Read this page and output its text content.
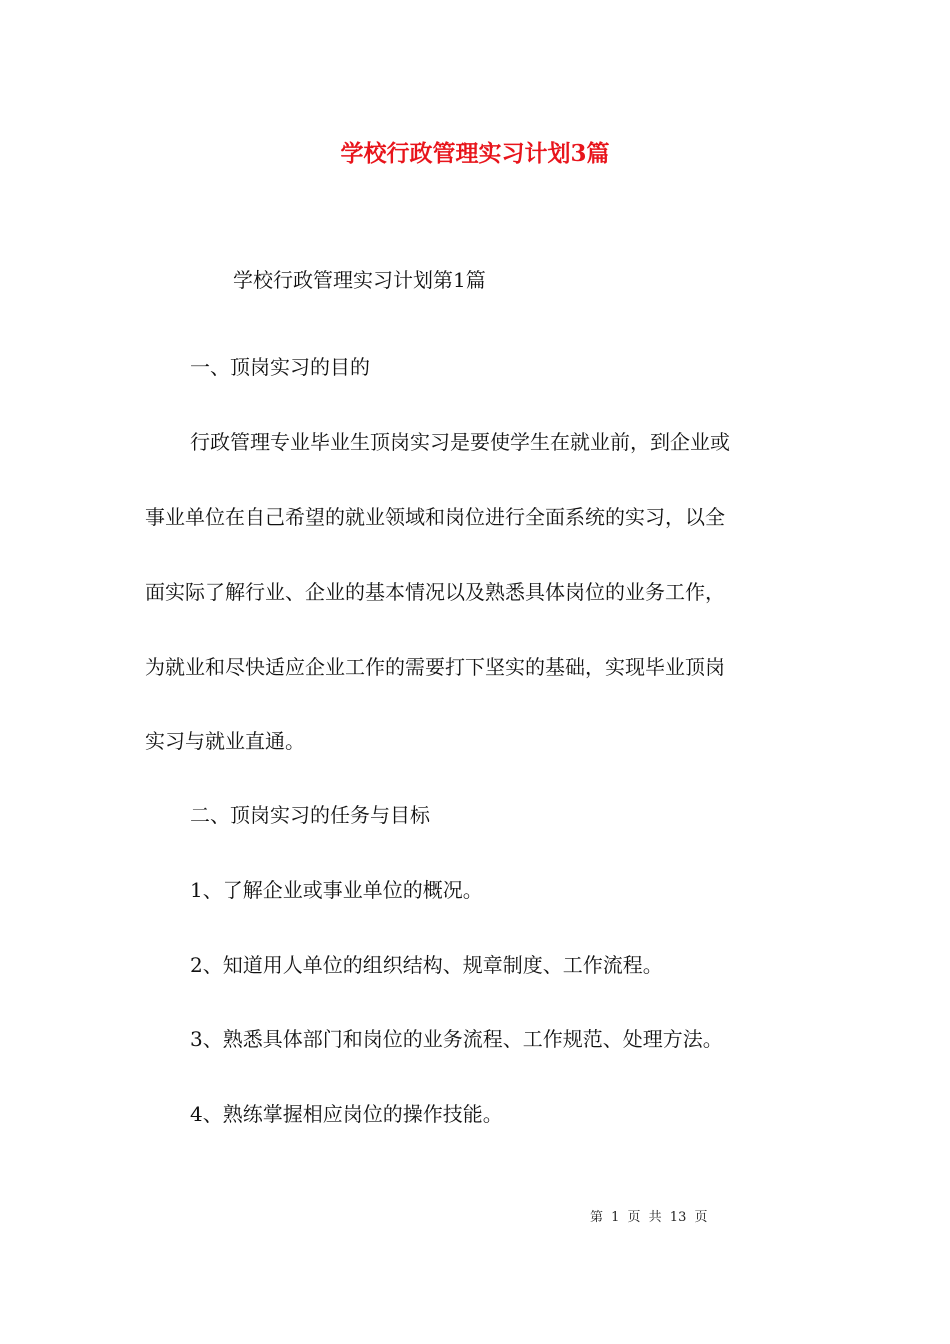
学校行政管理实习计划3篇
学校行政管理实习计划第1篇
一、顶岗实习的目的
行政管理专业毕业生顶岗实习是要使学生在就业前，到企业或
事业单位在自己希望的就业领域和岗位进行全面系统的实习，以全
面实际了解行业、企业的基本情况以及熟悉具体岗位的业务工作，
为就业和尽快适应企业工作的需要打下坚实的基础，实现毕业顶岗
实习与就业直通。
二、顶岗实习的任务与目标
1、了解企业或事业单位的概况。
2、知道用人单位的组织结构、规章制度、工作流程。
3、熟悉具体部门和岗位的业务流程、工作规范、处理方法。
4、熟练掌握相应岗位的操作技能。
第 1 页 共 13 页
